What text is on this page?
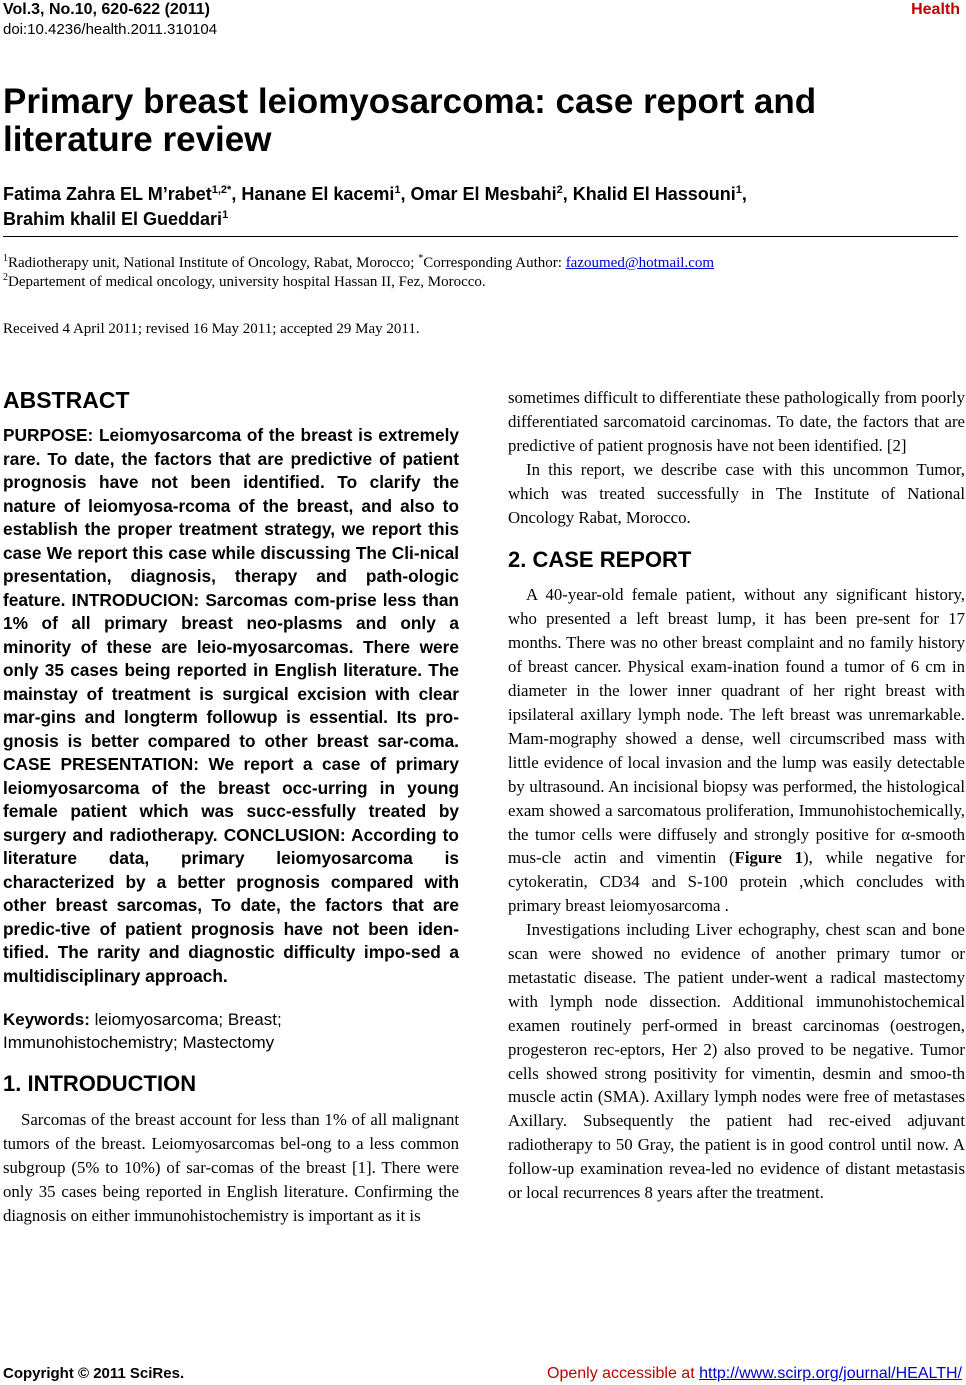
Vol.3, No.10, 620-622 (2011)
doi:10.4236/health.2011.310104
Health
Primary breast leiomyosarcoma: case report and literature review
Fatima Zahra EL M’rabet$^{1,2*}$, Hanane El kacemi$^1$, Omar El Mesbahi$^2$, Khalid El Hassouni$^1$,
Brahim khalil El Gueddari$^1$
$^1$Radiotherapy unit, National Institute of Oncology, Rabat, Morocco; *Corresponding Author: fazoumed@hotmail.com
$^2$Departement of medical oncology, university hospital Hassan II, Fez, Morocco.
Received 4 April 2011; revised 16 May 2011; accepted 29 May 2011.
ABSTRACT

PURPOSE: Leiomyosarcoma of the breast is extremely rare. To date, the factors that are predictive of patient prognosis have not been identified. To clarify the nature of leiomyosa-rcoma of the breast, and also to establish the proper treatment strategy, we report this case We report this case while discussing The Cli-nical presentation, diagnosis, therapy and path-ologic feature. INTRODUCION: Sarcomas com-prise less than 1% of all primary breast neo-plasms and only a minority of these are leio-myosarcomas. There were only 35 cases being reported in English literature. The mainstay of treatment is surgical excision with clear mar-gins and longterm followup is essential. Its pro-gnosis is better compared to other breast sar-coma. CASE PRESENTATION: We report a case of primary leiomyosarcoma of the breast occ-urring in young female patient which was succ-essfully treated by surgery and radiotherapy. CONCLUSION: According to literature data, primary leiomyosarcoma is characterized by a better prognosis compared with other breast sarcomas, To date, the factors that are predic-tive of patient prognosis have not been iden-tified. The rarity and diagnostic difficulty impo-sed a multidisciplinary approach.

Keywords: leiomyosarcoma; Breast; Immunohistochemistry; Mastectomy
1. INTRODUCTION

Sarcomas of the breast account for less than 1% of all malignant tumors of the breast. Leiomyosarcomas bel-ong to a less common subgroup (5% to 10%) of sar-comas of the breast [1]. There were only 35 cases being reported in English literature. Confirming the diagnosis on either immunohistochemistry is important as it is

sometimes difficult to differentiate these pathologically from poorly differentiated sarcomatoid carcinomas. To date, the factors that are predictive of patient prognosis have not been identified. [2]

In this report, we describe case with this uncommon Tumor, which was treated successfully in The Institute of National Oncology Rabat, Morocco.

2. CASE REPORT

A 40-year-old female patient, without any significant history, who presented a left breast lump, it has been pre-sent for 17 months. There was no other breast complaint and no family history of breast cancer. Physical exam-ination found a tumor of 6 cm in diameter in the lower inner quadrant of her right breast with ipsilateral axillary lymph node. The left breast was unremarkable. Mam-mography showed a dense, well circumscribed mass with little evidence of local invasion and the lump was easily detectable by ultrasound. An incisional biopsy was performed, the histological exam showed a sarcomatous proliferation, Immunohistochemically, the tumor cells were diffusely and strongly positive for α-smooth mus-cle actin and vimentin (Figure 1), while negative for cytokeratin, CD34 and S-100 protein ,which concludes with primary breast leiomyosarcoma .

Investigations including Liver echography, chest scan and bone scan were showed no evidence of another primary tumor or metastatic disease. The patient under-went a radical mastectomy with lymph node dissection. Additional immunohistochemical examen routinely perf-ormed in breast carcinomas (oestrogen, progesteron rec-eptors, Her 2) also proved to be negative. Tumor cells showed strong positivity for vimentin, desmin and smoo-th muscle actin (SMA). Axillary lymph nodes were free of metastases Axillary. Subsequently the patient had rec-eived adjuvant radiotherapy to 50 Gray, the patient is in good control until now. A follow-up examination revea-led no evidence of distant metastasis or local recurrences 8 years after the treatment.

Copyright © 2011 SciRes.	Openly accessible at http://www.scirp.org/journal/HEALTH/
